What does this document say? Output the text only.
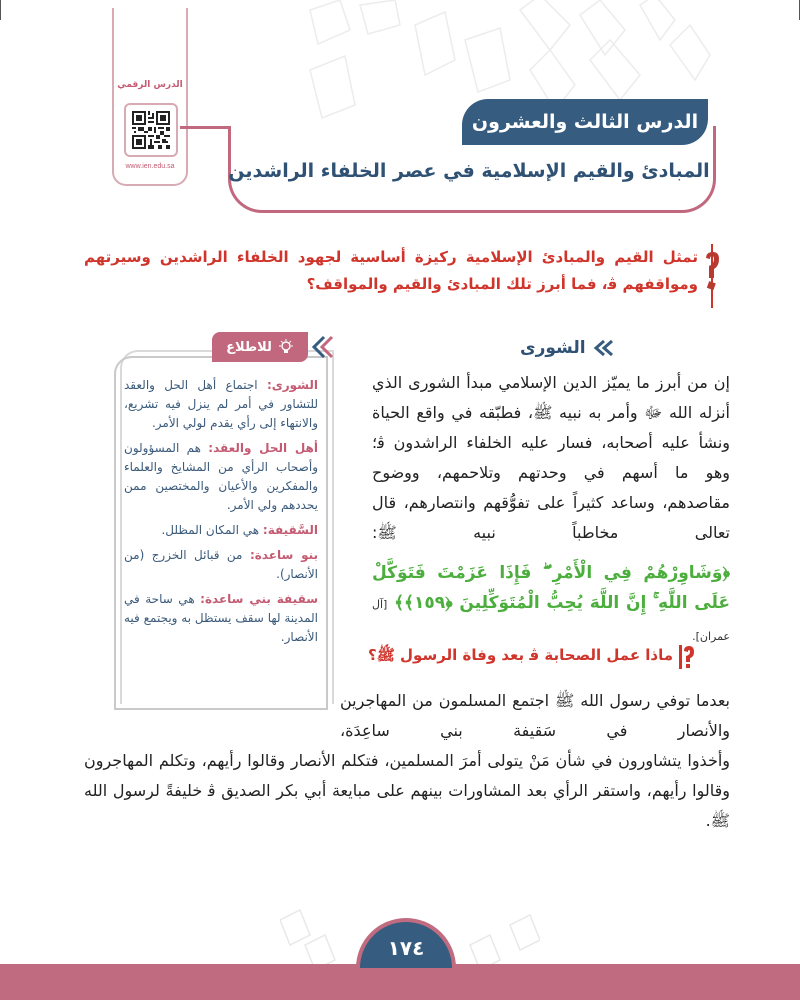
الدرس الرقمي
www.ien.edu.sa
الدرس الثالث والعشرون
المبادئ والقيم الإسلامية في عصر الخلفاء الراشدين
تمثل القيم والمبادئ الإسلامية ركيزة أساسية لجهود الخلفاء الراشدين وسيرتهم ومواقفهم ﭬ، فما أبرز تلك المبادئ والقيم والمواقف؟
للاطلاع

الشورى: اجتماع أهل الحل والعقد للتشاور في أمر لم ينزل فيه تشريع، والانتهاء إلى رأي يقدم لولي الأمر.

أهل الحل والعقد: هم المسؤولون وأصحاب الرأي من المشايخ والعلماء والمفكرين والأعيان والمختصين ممن يحددهم ولي الأمر.

السَّقيفة: هي المكان المظلل.

بنو ساعدة: من قبائل الخزرج (من الأنصار).

سقيفة بني ساعدة: هي ساحة في المدينة لها سقف يستظل به ويجتمع فيه الأنصار.

الشورى
إن من أبرز ما يميّز الدين الإسلامي مبدأ الشورى الذي أنزله الله ﷻ وأمر به نبيه ﷺ، فطبّقه في واقع الحياة ونشأ عليه أصحابه، فسار عليه الخلفاء الراشدون ﭬ؛ وهو ما أسهم في وحدتهم وتلاحمهم، ووضوح مقاصدهم، وساعد كثيراً على تفوُّقهم وانتصارهم، قال تعالى مخاطباً نبيه ﷺ:
﴿وَشَاوِرْهُمْ فِي الْأَمْرِ ۖ فَإِذَا عَزَمْتَ فَتَوَكَّلْ عَلَى اللَّهِ ۚ إِنَّ اللَّهَ يُحِبُّ الْمُتَوَكِّلِينَ ﴿١٥٩﴾﴾ [آل عمران].
ماذا عمل الصحابة ﭬ بعد وفاة الرسول ﷺ؟
بعدما توفي رسول الله ﷺ اجتمع المسلمون من المهاجرين والأنصار في سَقيفة بني ساعِدَة،
وأخذوا يتشاورون في شأن مَنْ يتولى أمرَ المسلمين، فتكلم الأنصار وقالوا رأيهم، وتكلم المهاجرون وقالوا رأيهم، واستقر الرأي بعد المشاورات بينهم على مبايعة أبي بكر الصديق ﭬ خليفةً لرسول الله ﷺ.
١٧٤
